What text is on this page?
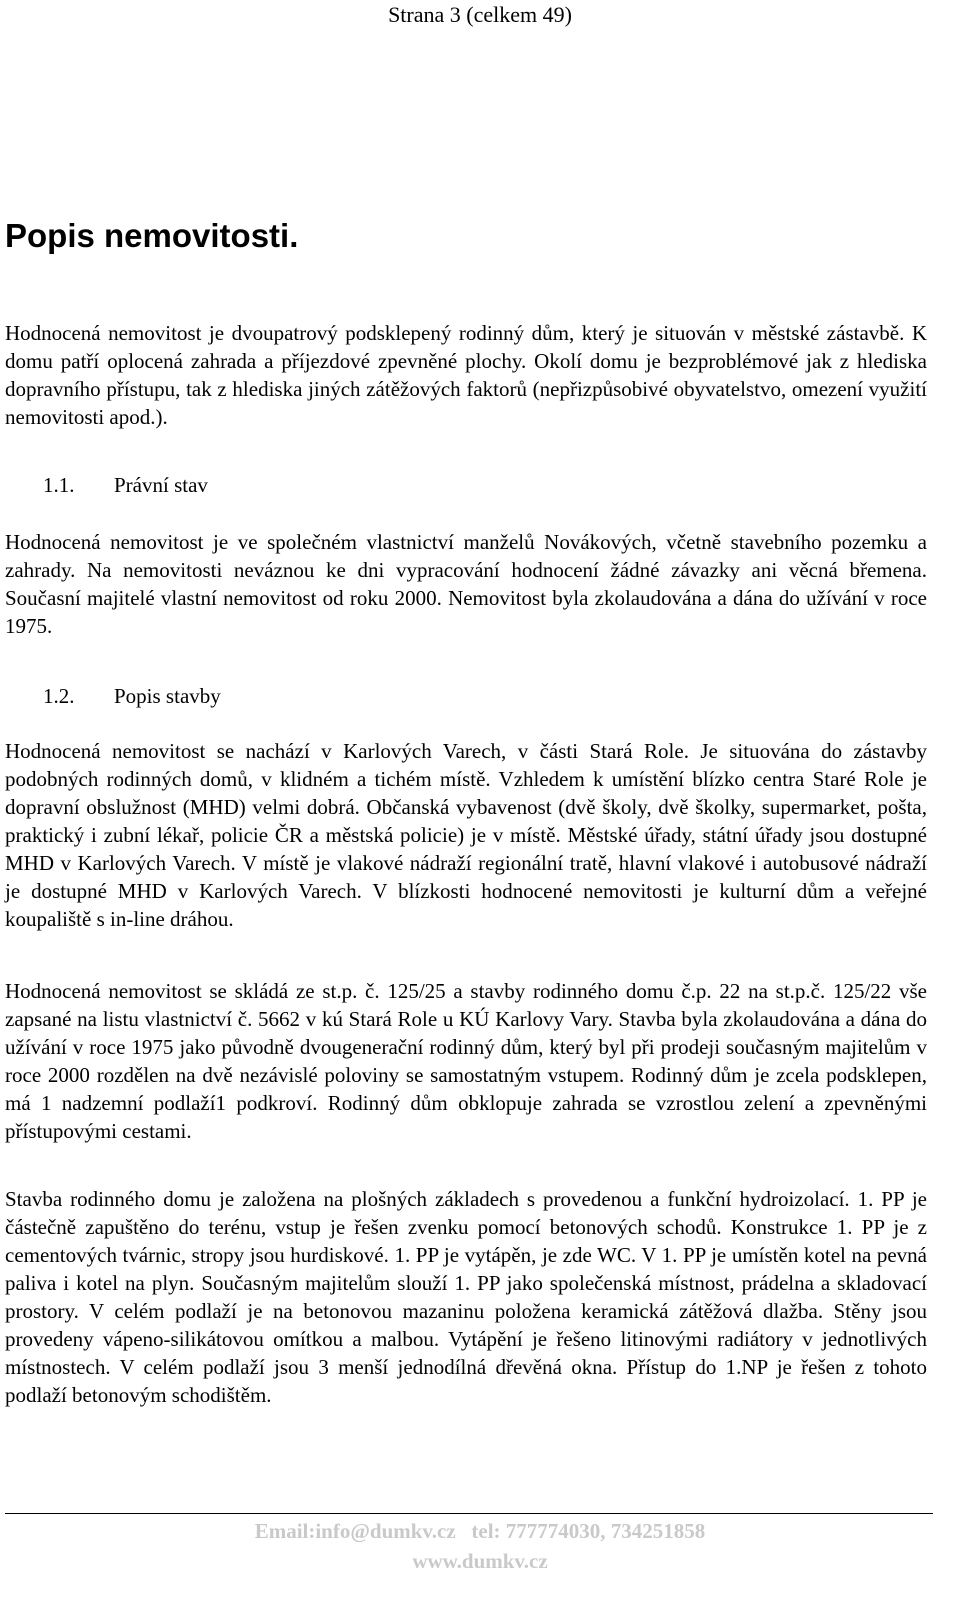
Strana 3 (celkem 49)
Popis nemovitosti.

Hodnocená nemovitost je dvoupatrový podsklepený rodinný dům, který je situován v městské zástavbě. K domu patří oplocená zahrada a příjezdové zpevněné plochy. Okolí domu je bezproblémové jak z hlediska dopravního přístupu, tak z hlediska jiných zátěžových faktorů (nepřizpůsobivé obyvatelstvo, omezení využití nemovitosti apod.).

1.1. Právní stav

Hodnocená nemovitost je ve společném vlastnictví manželů Novákových, včetně stavebního pozemku a zahrady. Na nemovitosti neváznou ke dni vypracování hodnocení žádné závazky ani věcná břemena. Současní majitelé vlastní nemovitost od roku 2000. Nemovitost byla zkolaudována a dána do užívání v roce 1975.

1.2. Popis stavby

Hodnocená nemovitost se nachází v Karlových Varech, v části Stará Role. Je situována do zástavby podobných rodinných domů, v klidném a tichém místě. Vzhledem k umístění blízko centra Staré Role je dopravní obslužnost (MHD) velmi dobrá. Občanská vybavenost (dvě školy, dvě školky, supermarket, pošta, praktický i zubní lékař, policie ČR a městská policie) je v místě. Městské úřady, státní úřady jsou dostupné MHD v Karlových Varech. V místě je vlakové nádraží regionální tratě, hlavní vlakové i autobusové nádraží je dostupné MHD v Karlových Varech. V blízkosti hodnocené nemovitosti je kulturní dům a veřejné koupaliště s in-line dráhou.

Hodnocená nemovitost se skládá ze st.p. č. 125/25 a stavby rodinného domu č.p. 22 na st.p.č. 125/22 vše zapsané na listu vlastnictví č. 5662 v kú Stará Role u KÚ Karlovy Vary. Stavba byla zkolaudována a dána do užívání v roce 1975 jako původně dvougenerační rodinný dům, který byl při prodeji současným majitelům v roce 2000 rozdělen na dvě nezávislé poloviny se samostatným vstupem. Rodinný dům je zcela podsklepen, má 1 nadzemní podlaží1 podkroví. Rodinný dům obklopuje zahrada se vzrostlou zelení a zpevněnými přístupovými cestami.

Stavba rodinného domu je založena na plošných základech s provedenou a funkční hydroizolací. 1. PP je částečně zapuštěno do terénu, vstup je řešen zvenku pomocí betonových schodů. Konstrukce 1. PP je z cementových tvárnic, stropy jsou hurdiskové. 1. PP je vytápěn, je zde WC. V 1. PP je umístěn kotel na pevná paliva i kotel na plyn. Současným majitelům slouží 1. PP jako společenská místnost, prádelna a skladovací prostory. V celém podlaží je na betonovou mazaninu položena keramická zátěžová dlažba. Stěny jsou provedeny vápeno-silikátovou omítkou a malbou. Vytápění je řešeno litinovými radiátory v jednotlivých místnostech. V celém podlaží jsou 3 menší jednodílná dřevěná okna. Přístup do 1.NP je řešen z tohoto podlaží betonovým schodištěm.

Email:info@dumkv.cz   tel: 777774030, 734251858
www.dumkv.cz
